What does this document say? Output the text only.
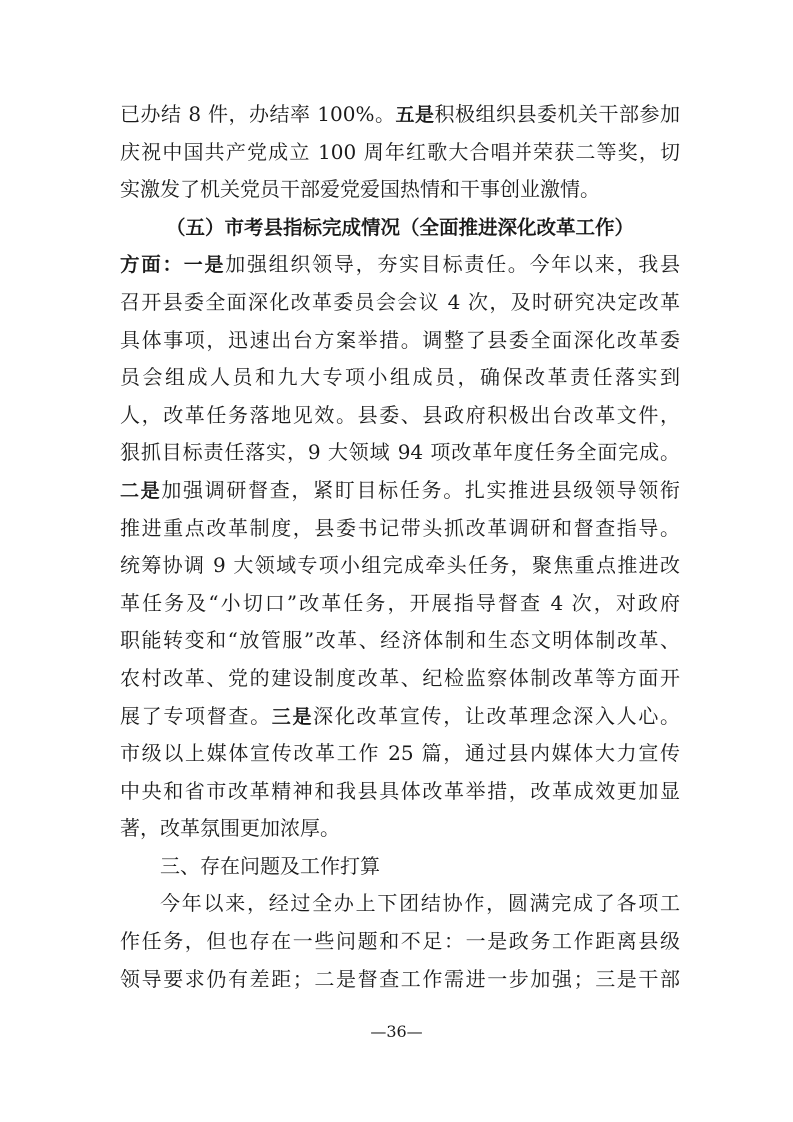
已办结 8 件，办结率 100%。五是积极组织县委机关干部参加
庆祝中国共产党成立 100 周年红歌大合唱并荣获二等奖，切
实激发了机关党员干部爱党爱国热情和干事创业激情。
（五）市考县指标完成情况（全面推进深化改革工作）
方面：一是加强组织领导，夯实目标责任。今年以来，我县
召开县委全面深化改革委员会会议 4 次，及时研究决定改革
具体事项，迅速出台方案举措。调整了县委全面深化改革委
员会组成人员和九大专项小组成员，确保改革责任落实到
人，改革任务落地见效。县委、县政府积极出台改革文件，
狠抓目标责任落实，9 大领域 94 项改革年度任务全面完成。
二是加强调研督查，紧盯目标任务。扎实推进县级领导领衔
推进重点改革制度，县委书记带头抓改革调研和督查指导。
统筹协调 9 大领域专项小组完成牵头任务，聚焦重点推进改
革任务及“小切口”改革任务，开展指导督查 4 次，对政府
职能转变和“放管服”改革、经济体制和生态文明体制改革、
农村改革、党的建设制度改革、纪检监察体制改革等方面开
展了专项督查。三是深化改革宣传，让改革理念深入人心。
市级以上媒体宣传改革工作 25 篇，通过县内媒体大力宣传
中央和省市改革精神和我县具体改革举措，改革成效更加显
著，改革氛围更加浓厚。
三、存在问题及工作打算
今年以来，经过全办上下团结协作，圆满完成了各项工
作任务，但也存在一些问题和不足：一是政务工作距离县级
领导要求仍有差距；二是督查工作需进一步加强；三是干部
—36—
